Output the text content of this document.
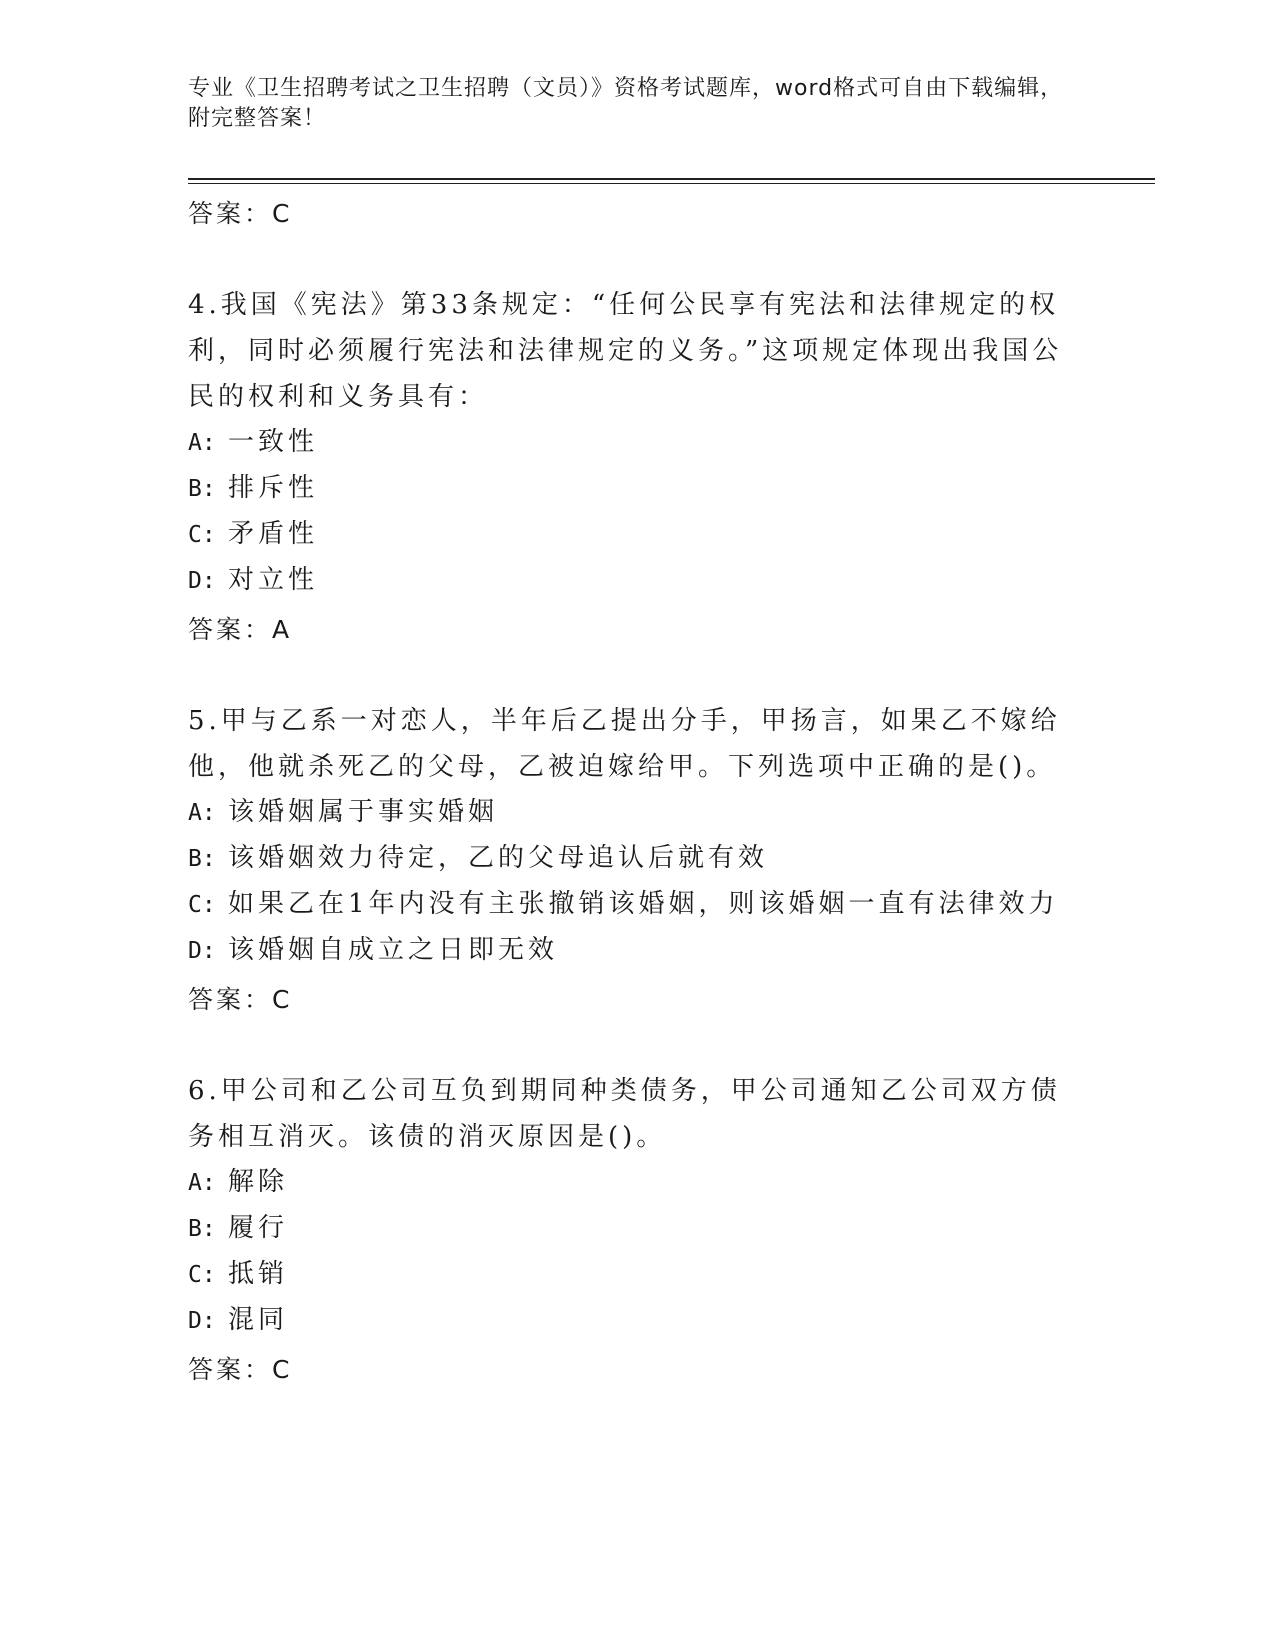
专业《卫生招聘考试之卫生招聘（文员）》资格考试题库，word格式可自由下载编辑，附完整答案！

答案：C

4.我国《宪法》第33条规定：“任何公民享有宪法和法律规定的权利，同时必须履行宪法和法律规定的义务。”这项规定体现出我国公民的权利和义务具有：

A: 一致性

B: 排斥性

C: 矛盾性

D: 对立性

答案：A

5.甲与乙系一对恋人，半年后乙提出分手，甲扬言，如果乙不嫁给他，他就杀死乙的父母，乙被迫嫁给甲。下列选项中正确的是()。

A: 该婚姻属于事实婚姻

B: 该婚姻效力待定，乙的父母追认后就有效

C: 如果乙在1年内没有主张撤销该婚姻，则该婚姻一直有法律效力

D: 该婚姻自成立之日即无效

答案：C

6.甲公司和乙公司互负到期同种类债务，甲公司通知乙公司双方债务相互消灭。该债的消灭原因是()。

A: 解除

B: 履行

C: 抵销

D: 混同

答案：C
